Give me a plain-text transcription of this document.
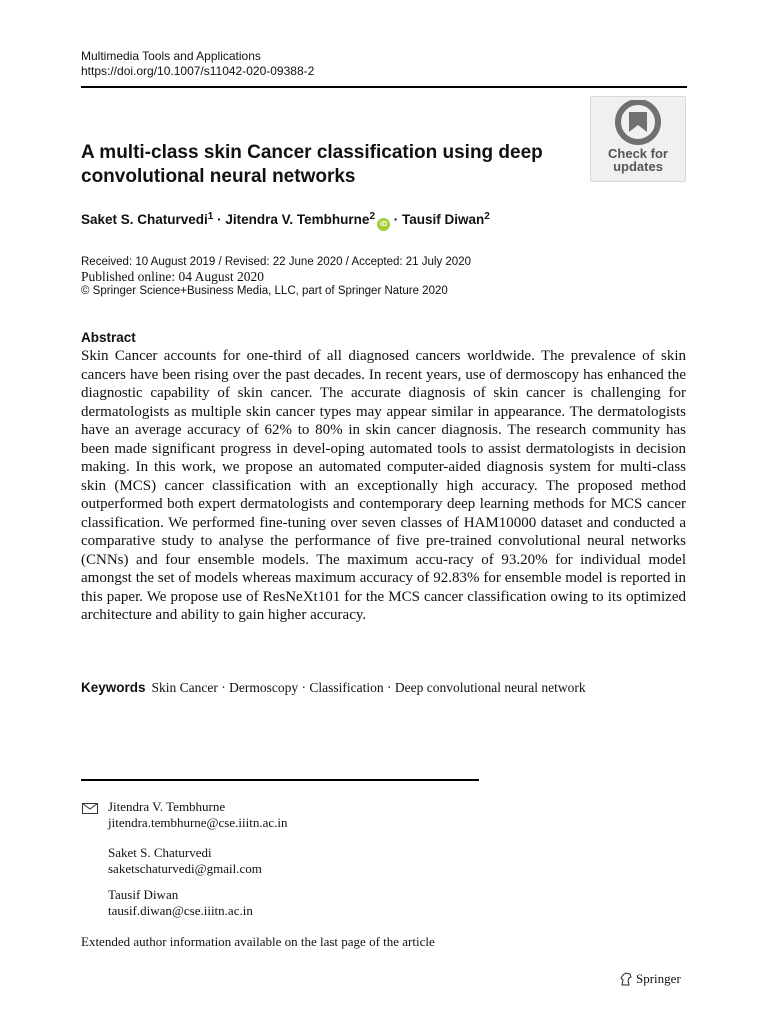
Multimedia Tools and Applications
https://doi.org/10.1007/s11042-020-09388-2
Check for
updates
A multi-class skin Cancer classification using deep
convolutional neural networks
Saket S. Chaturvedi$^1$ · Jitendra V. Tembhurne$^2$iD · Tausif Diwan$^2$
Received: 10 August 2019 / Revised: 22 June 2020 / Accepted: 21 July 2020
Published online: 04 August 2020
© Springer Science+Business Media, LLC, part of Springer Nature 2020
Abstract
Skin Cancer accounts for one-third of all diagnosed cancers worldwide. The prevalence of skin cancers have been rising over the past decades. In recent years, use of dermoscopy has enhanced the diagnostic capability of skin cancer. The accurate diagnosis of skin cancer is challenging for dermatologists as multiple skin cancer types may appear similar in appearance. The dermatologists have an average accuracy of 62% to 80% in skin cancer diagnosis. The research community has been made significant progress in devel-oping automated tools to assist dermatologists in decision making. In this work, we propose an automated computer-aided diagnosis system for multi-class skin (MCS) cancer classification with an exceptionally high accuracy. The proposed method outperformed both expert dermatologists and contemporary deep learning methods for MCS cancer classification. We performed fine-tuning over seven classes of HAM10000 dataset and conducted a comparative study to analyse the performance of five pre-trained convolutional neural networks (CNNs) and four ensemble models. The maximum accu-racy of 93.20% for individual model amongst the set of models whereas maximum accuracy of 92.83% for ensemble model is reported in this paper. We propose use of ResNeXt101 for the MCS cancer classification owing to its optimized architecture and ability to gain higher accuracy.
Keywords Skin Cancer · Dermoscopy · Classification · Deep convolutional neural network
Jitendra V. Tembhurne
jitendra.tembhurne@cse.iiitn.ac.in
Saket S. Chaturvedi
saketschaturvedi@gmail.com
Tausif Diwan
tausif.diwan@cse.iiitn.ac.in
Extended author information available on the last page of the article
Springer
